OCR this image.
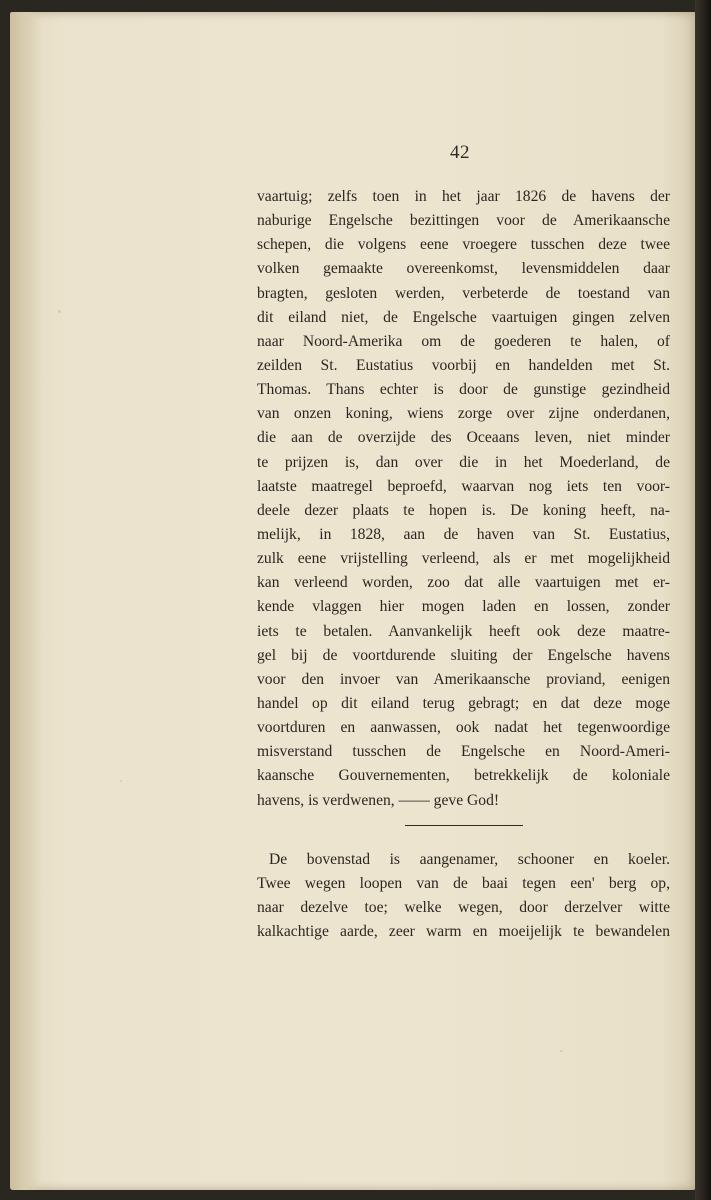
42
vaartuig; zelfs toen in het jaar 1826 de havens der
naburige Engelsche bezittingen voor de Amerikaansche
schepen, die volgens eene vroegere tusschen deze twee
volken gemaakte overeenkomst, levensmiddelen daar
bragten, gesloten werden, verbeterde de toestand van
dit eiland niet, de Engelsche vaartuigen gingen zelven
naar Noord-Amerika om de goederen te halen, of
zeilden St. Eustatius voorbij en handelden met St.
Thomas. Thans echter is door de gunstige gezindheid
van onzen koning, wiens zorge over zijne onderdanen,
die aan de overzijde des Oceaans leven, niet minder
te prijzen is, dan over die in het Moederland, de
laatste maatregel beproefd, waarvan nog iets ten voor-
deele dezer plaats te hopen is. De koning heeft, na-
melijk, in 1828, aan de haven van St. Eustatius,
zulk eene vrijstelling verleend, als er met mogelijkheid
kan verleend worden, zoo dat alle vaartuigen met er-
kende vlaggen hier mogen laden en lossen, zonder
iets te betalen. Aanvankelijk heeft ook deze maatre-
gel bij de voortdurende sluiting der Engelsche havens
voor den invoer van Amerikaansche proviand, eenigen
handel op dit eiland terug gebragt; en dat deze moge
voortduren en aanwassen, ook nadat het tegenwoordige
misverstand tusschen de Engelsche en Noord-Ameri-
kaansche Gouvernementen, betrekkelijk de koloniale
havens, is verdwenen, —— geve God!
De bovenstad is aangenamer, schooner en koeler.
Twee wegen loopen van de baai tegen een' berg op,
naar dezelve toe; welke wegen, door derzelver witte
kalkachtige aarde, zeer warm en moeijelijk te bewandelen
